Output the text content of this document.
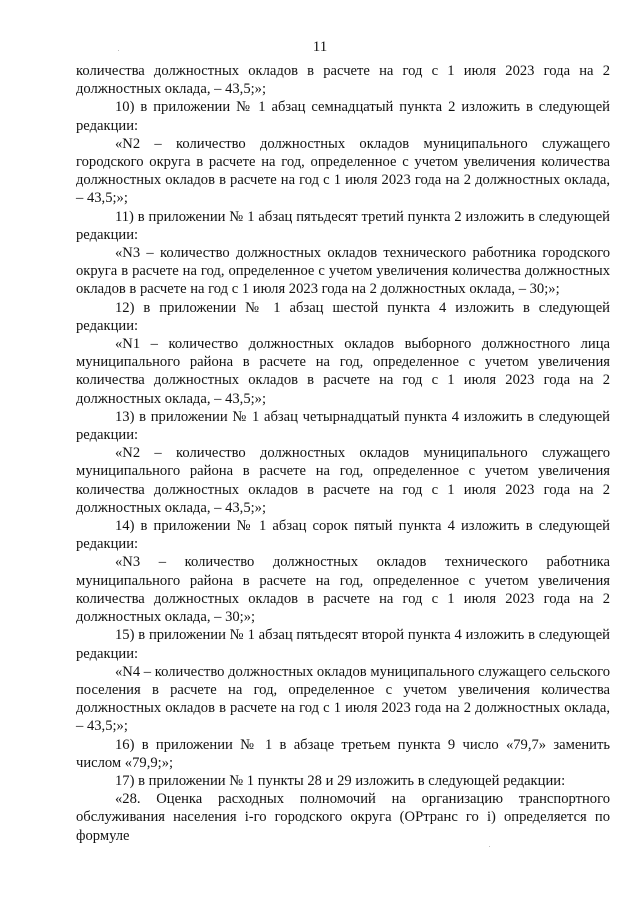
11

количества должностных окладов в расчете на год с 1 июля 2023 года на 2 должностных оклада, – 43,5;»;

10) в приложении № 1 абзац семнадцатый пункта 2 изложить в следующей редакции:

«N2 – количество должностных окладов муниципального служащего городского округа в расчете на год, определенное с учетом увеличения количества должностных окладов в расчете на год с 1 июля 2023 года на 2 должностных оклада, – 43,5;»;

11) в приложении № 1 абзац пятьдесят третий пункта 2 изложить в следующей редакции:

«N3 – количество должностных окладов технического работника городского округа в расчете на год, определенное с учетом увеличения количества должностных окладов в расчете на год с 1 июля 2023 года на 2 должностных оклада, – 30;»;

12) в приложении № 1 абзац шестой пункта 4 изложить в следующей редакции:

«N1 – количество должностных окладов выборного должностного лица муниципального района в расчете на год, определенное с учетом увеличения количества должностных окладов в расчете на год с 1 июля 2023 года на 2 должностных оклада, – 43,5;»;

13) в приложении № 1 абзац четырнадцатый пункта 4 изложить в следующей редакции:

«N2 – количество должностных окладов муниципального служащего муниципального района в расчете на год, определенное с учетом увеличения количества должностных окладов в расчете на год с 1 июля 2023 года на 2 должностных оклада, – 43,5;»;

14) в приложении № 1 абзац сорок пятый пункта 4 изложить в следующей редакции:

«N3 – количество должностных окладов технического работника муниципального района в расчете на год, определенное с учетом увеличения количества должностных окладов в расчете на год с 1 июля 2023 года на 2 должностных оклада, – 30;»;

15) в приложении № 1 абзац пятьдесят второй пункта 4 изложить в следующей редакции:

«N4 – количество должностных окладов муниципального служащего сельского поселения в расчете на год, определенное с учетом увеличения количества должностных окладов в расчете на год с 1 июля 2023 года на 2 должностных оклада, – 43,5;»;

16) в приложении № 1 в абзаце третьем пункта 9 число «79,7» заменить числом «79,9;»;

17) в приложении № 1 пункты 28 и 29 изложить в следующей редакции:

«28. Оценка расходных полномочий на организацию транспортного обслуживания населения i-го городского округа (ОРтранс го i) определяется по формуле
